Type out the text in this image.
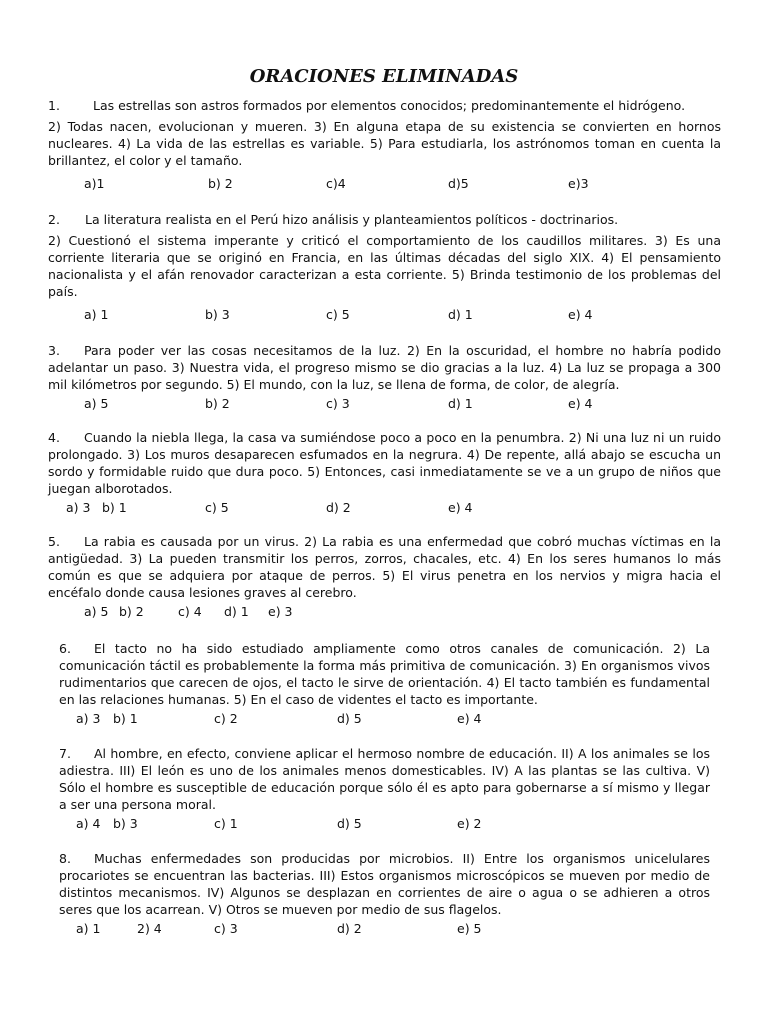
ORACIONES ELIMINADAS
1.	Las estrellas son astros formados por elementos conocidos; predominantemente el hidrógeno.
2) Todas nacen, evolucionan y mueren. 3) En alguna etapa de su existencia se convierten en hornos nucleares. 4) La vida de las estrellas es variable. 5) Para estudiarla, los astrónomos toman en cuenta la brillantez, el color y el tamaño.
a)1	b) 2	c)4	d)5	e)3
2. La literatura realista en el Perú hizo análisis y planteamientos políticos - doctrinarios.
2) Cuestionó el sistema imperante y criticó el comportamiento de los caudillos militares. 3) Es una corriente literaria que se originó en Francia, en las últimas décadas del siglo XIX. 4) El pensamiento nacionalista y el afán renovador caracterizan a esta corriente. 5) Brinda testimonio de los problemas del país.
a) 1	b) 3	c) 5	d) 1	e) 4
3. Para poder ver las cosas necesitamos de la luz. 2) En la oscuridad, el hombre no habría podido adelantar un paso. 3) Nuestra vida, el progreso mismo se dio gracias a la luz. 4) La luz se propaga a 300 mil kilómetros por segundo. 5) El mundo, con la luz, se llena de forma, de color, de alegría.
a) 5	b) 2	c) 3	d) 1	e) 4
4. Cuando la niebla llega, la casa va sumiéndose poco a poco en la penumbra. 2) Ni una luz ni un ruido prolongado. 3) Los muros desaparecen esfumados en la negrura. 4) De repente, allá abajo se escucha un sordo y formidable ruido que dura poco. 5) Entonces, casi inmediatamente se ve a un grupo de niños que juegan alborotados.
a) 3 b) 1	c) 5	d) 2	e) 4
5. La rabia es causada por un virus. 2) La rabia es una enfermedad que cobró muchas víctimas en la antigüedad. 3) La pueden transmitir los perros, zorros, chacales, etc. 4) En los seres humanos lo más común es que se adquiera por ataque de perros. 5) El virus penetra en los nervios y migra hacia el encéfalo donde causa lesiones graves al cerebro.
a) 5 b) 2	c) 4 d) 1 e) 3
6. El tacto no ha sido estudiado ampliamente como otros canales de comunicación. 2) La comunicación táctil es probablemente la forma más primitiva de comunicación. 3) En organismos vivos rudimentarios que carecen de ojos, el tacto le sirve de orientación. 4) El tacto también es fundamental en las relaciones humanas. 5) En el caso de videntes el tacto es importante.
a) 3 b) 1	c) 2	d) 5	e) 4
7. Al hombre, en efecto, conviene aplicar el hermoso nombre de educación. II) A los animales se los adiestra. III) El león es uno de los animales menos domesticables. IV) A las plantas se las cultiva. V) Sólo el hombre es susceptible de educación porque sólo él es apto para gobernarse a sí mismo y llegar a ser una persona moral.
a) 4 b) 3	c) 1	d) 5	e) 2
8. Muchas enfermedades son producidas por microbios. II) Entre los organismos unicelulares procariotes se encuentran las bacterias. III) Estos organismos microscópicos se mueven por medio de distintos mecanismos. IV) Algunos se desplazan en corrientes de aire o agua o se adhieren a otros seres que los acarrean. V) Otros se mueven por medio de sus flagelos.
a) 1	2) 4	c) 3	d) 2	e) 5
